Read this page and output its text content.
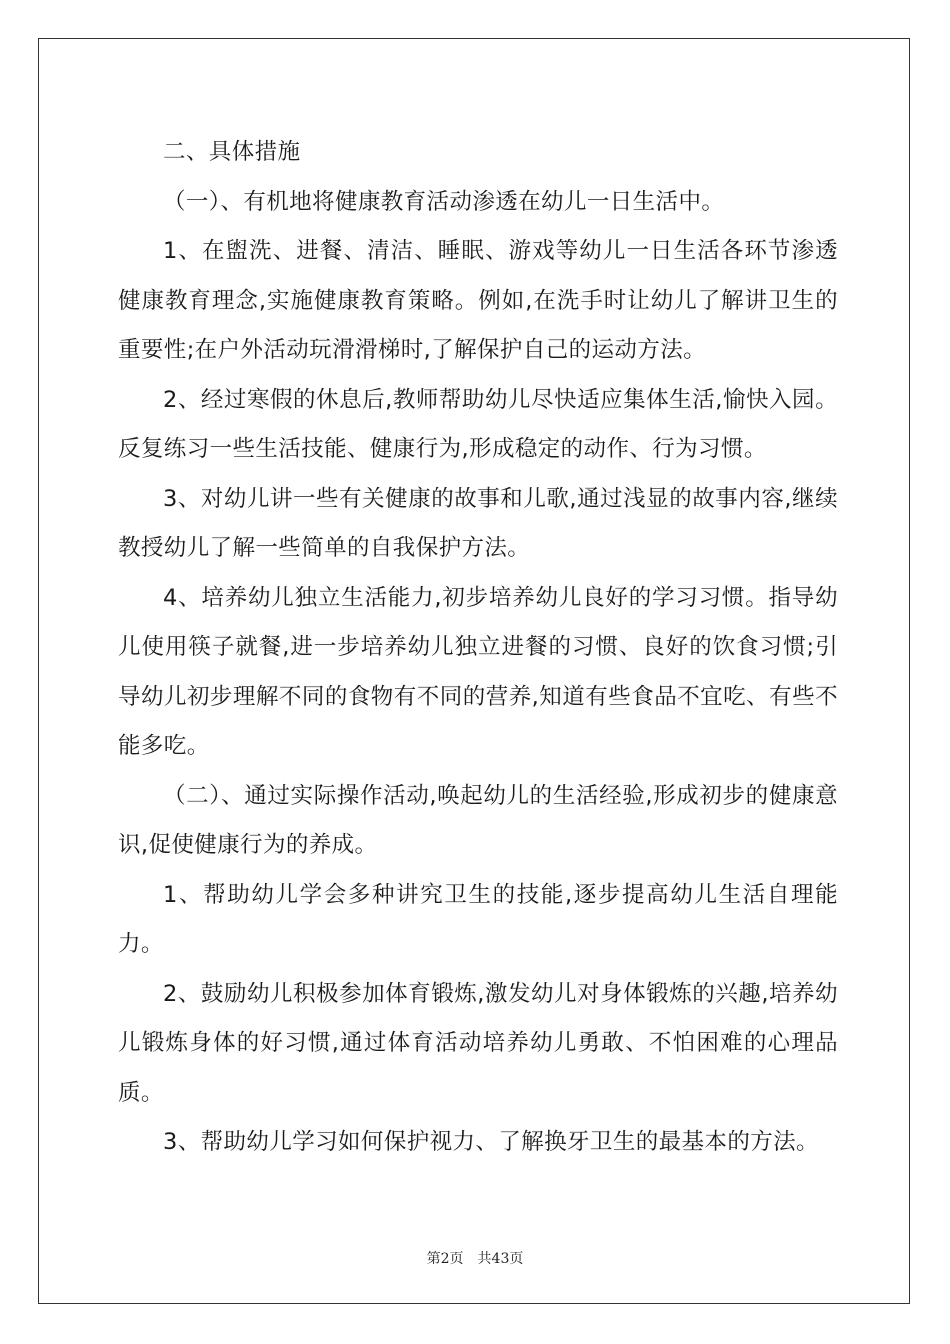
二、具体措施

（一）、有机地将健康教育活动渗透在幼儿一日生活中。

1、在盥洗、进餐、清洁、睡眠、游戏等幼儿一日生活各环节渗透健康教育理念,实施健康教育策略。例如,在洗手时让幼儿了解讲卫生的重要性;在户外活动玩滑滑梯时,了解保护自己的运动方法。

2、经过寒假的休息后,教师帮助幼儿尽快适应集体生活,愉快入园。 反复练习一些生活技能、健康行为,形成稳定的动作、行为习惯。

3、对幼儿讲一些有关健康的故事和儿歌,通过浅显的故事内容,继续教授幼儿了解一些简单的自我保护方法。

4、培养幼儿独立生活能力,初步培养幼儿良好的学习习惯。指导幼儿使用筷子就餐,进一步培养幼儿独立进餐的习惯、良好的饮食习惯;引导幼儿初步理解不同的食物有不同的营养,知道有些食品不宜吃、有些不能多吃。

（二）、通过实际操作活动,唤起幼儿的生活经验,形成初步的健康意识,促使健康行为的养成。

1、帮助幼儿学会多种讲究卫生的技能,逐步提高幼儿生活自理能力。

2、鼓励幼儿积极参加体育锻炼,激发幼儿对身体锻炼的兴趣,培养幼儿锻炼身体的好习惯,通过体育活动培养幼儿勇敢、不怕困难的心理品质。

3、帮助幼儿学习如何保护视力、了解换牙卫生的最基本的方法。

第2页 共43页
